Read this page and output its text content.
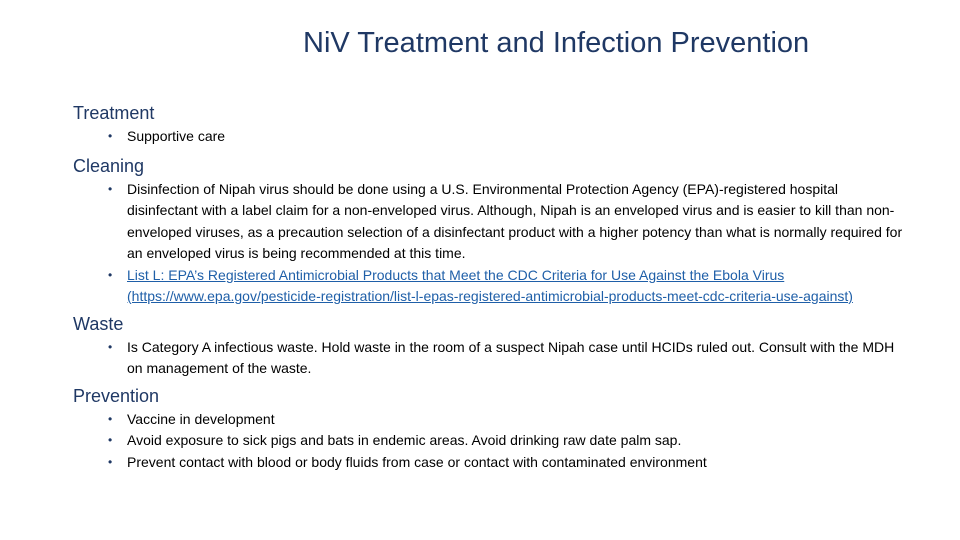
NiV Treatment and Infection Prevention

Treatment

• Supportive care

Cleaning

• Disinfection of Nipah virus should be done using a U.S. Environmental Protection Agency (EPA)-registered hospital disinfectant with a label claim for a non-enveloped virus. Although, Nipah is an enveloped virus and is easier to kill than non-enveloped viruses, as a precaution selection of a disinfectant product with a higher potency than what is normally required for an enveloped virus is being recommended at this time.
• List L: EPA’s Registered Antimicrobial Products that Meet the CDC Criteria for Use Against the Ebola Virus (https://www.epa.gov/pesticide-registration/list-l-epas-registered-antimicrobial-products-meet-cdc-criteria-use-against)

Waste

• Is Category A infectious waste. Hold waste in the room of a suspect Nipah case until HCIDs ruled out. Consult with the MDH on management of the waste.

Prevention

• Vaccine in development
• Avoid exposure to sick pigs and bats in endemic areas. Avoid drinking raw date palm sap.
• Prevent contact with blood or body fluids from case or contact with contaminated environment
